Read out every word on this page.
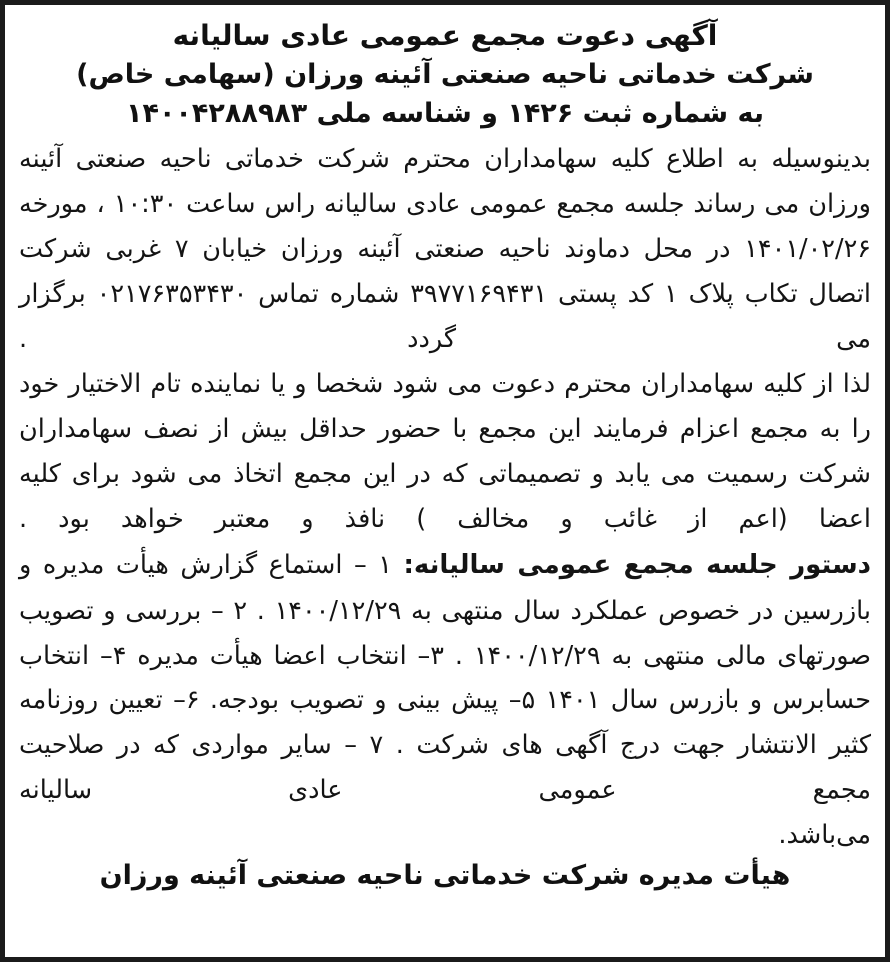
آگهی دعوت مجمع عمومی عادی سالیانه
شرکت خدماتی ناحیه صنعتی آئینه ورزان (سهامی خاص)
به شماره ثبت ۱۴۲۶ و شناسه ملی ۱۴۰۰۴۲۸۸۹۸۳

بدینوسیله به اطلاع کلیه سهامداران محترم شرکت خدماتی ناحیه صنعتی آئینه ورزان می رساند جلسه مجمع عمومی عادی سالیانه راس ساعت ۱۰:۳۰ ، مورخه ۱۴۰۱/۰۲/۲۶ در محل دماوند ناحیه صنعتی آئینه ورزان خیابان ۷ غربی شرکت اتصال تکاب پلاک ۱ کد پستی ۳۹۷۷۱۶۹۴۳۱ شماره تماس ۰۲۱۷۶۳۵۳۴۳۰ برگزار می گردد .

لذا از کلیه سهامداران محترم دعوت می شود شخصا و یا نماینده تام الاختیار خود را به مجمع اعزام فرمایند این مجمع با حضور حداقل بیش از نصف سهامداران شرکت رسمیت می یابد و تصمیماتی که در این مجمع اتخاذ می شود برای کلیه اعضا (اعم از غائب و مخالف ) نافذ و معتبر خواهد بود .

دستور جلسه مجمع عمومی سالیانه: ۱ – استماع گزارش هیأت مدیره و بازرسین در خصوص عملکرد سال منتهی به ۱۴۰۰/۱۲/۲۹ . ۲ – بررسی و تصویب صورتهای مالی منتهی به ۱۴۰۰/۱۲/۲۹ . ۳– انتخاب اعضا هیأت مدیره ۴– انتخاب حسابرس و بازرس سال ۱۴۰۱ ۵– پیش بینی و تصویب بودجه. ۶– تعیین روزنامه کثیر الانتشار جهت درج آگهی های شرکت . ۷ – سایر مواردی که در صلاحیت مجمع عمومی عادی سالیانه

می‌باشد.

هیأت مدیره شرکت خدماتی ناحیه صنعتی آئینه ورزان
